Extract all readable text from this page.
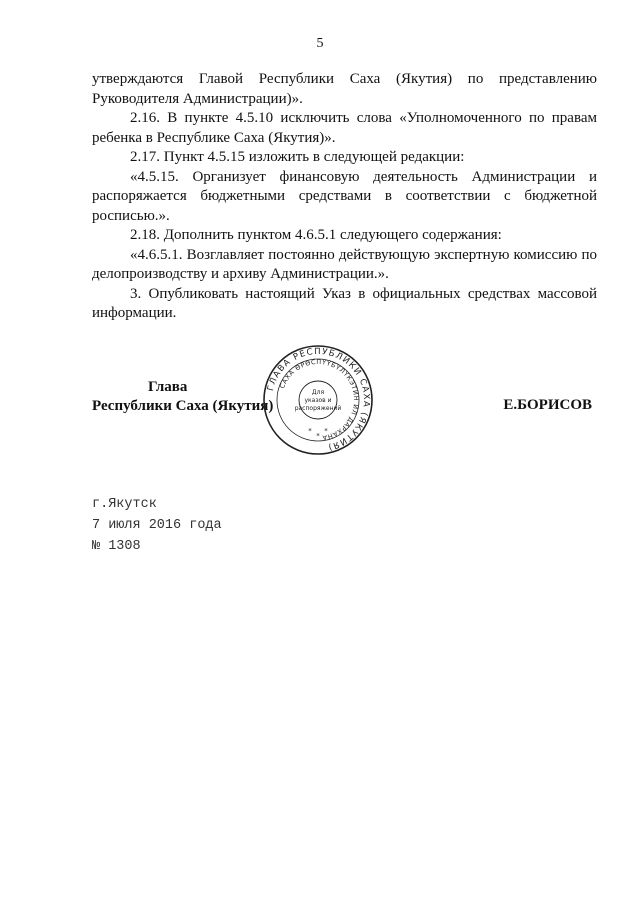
5

утверждаются Главой Республики Саха (Якутия) по представлению Руководителя Администрации)».

2.16. В пункте 4.5.10 исключить слова «Уполномоченного по правам ребенка в Республике Саха (Якутия)».

2.17. Пункт 4.5.15 изложить в следующей редакции:

«4.5.15. Организует финансовую деятельность Администрации и распоряжается бюджетными средствами в соответствии с бюджетной росписью.».

2.18. Дополнить пунктом 4.6.5.1 следующего содержания:

«4.6.5.1. Возглавляет постоянно действующую экспертную комиссию по делопроизводству и архиву Администрации.».

3. Опубликовать настоящий Указ в официальных средствах массовой информации.

Глава
Республики Саха (Якутия)
ГЛАВА РЕСПУБЛИКИ САХА (ЯКУТИЯ)
САХА ӨРӨСПҮҮБҮЛҮКЭТИН ИЛ ДАРХАНА
Для
указов и
распоряжений
*
*
*
Е.БОРИСОВ
г.Якутск
7 июля 2016 года
№ 1308
